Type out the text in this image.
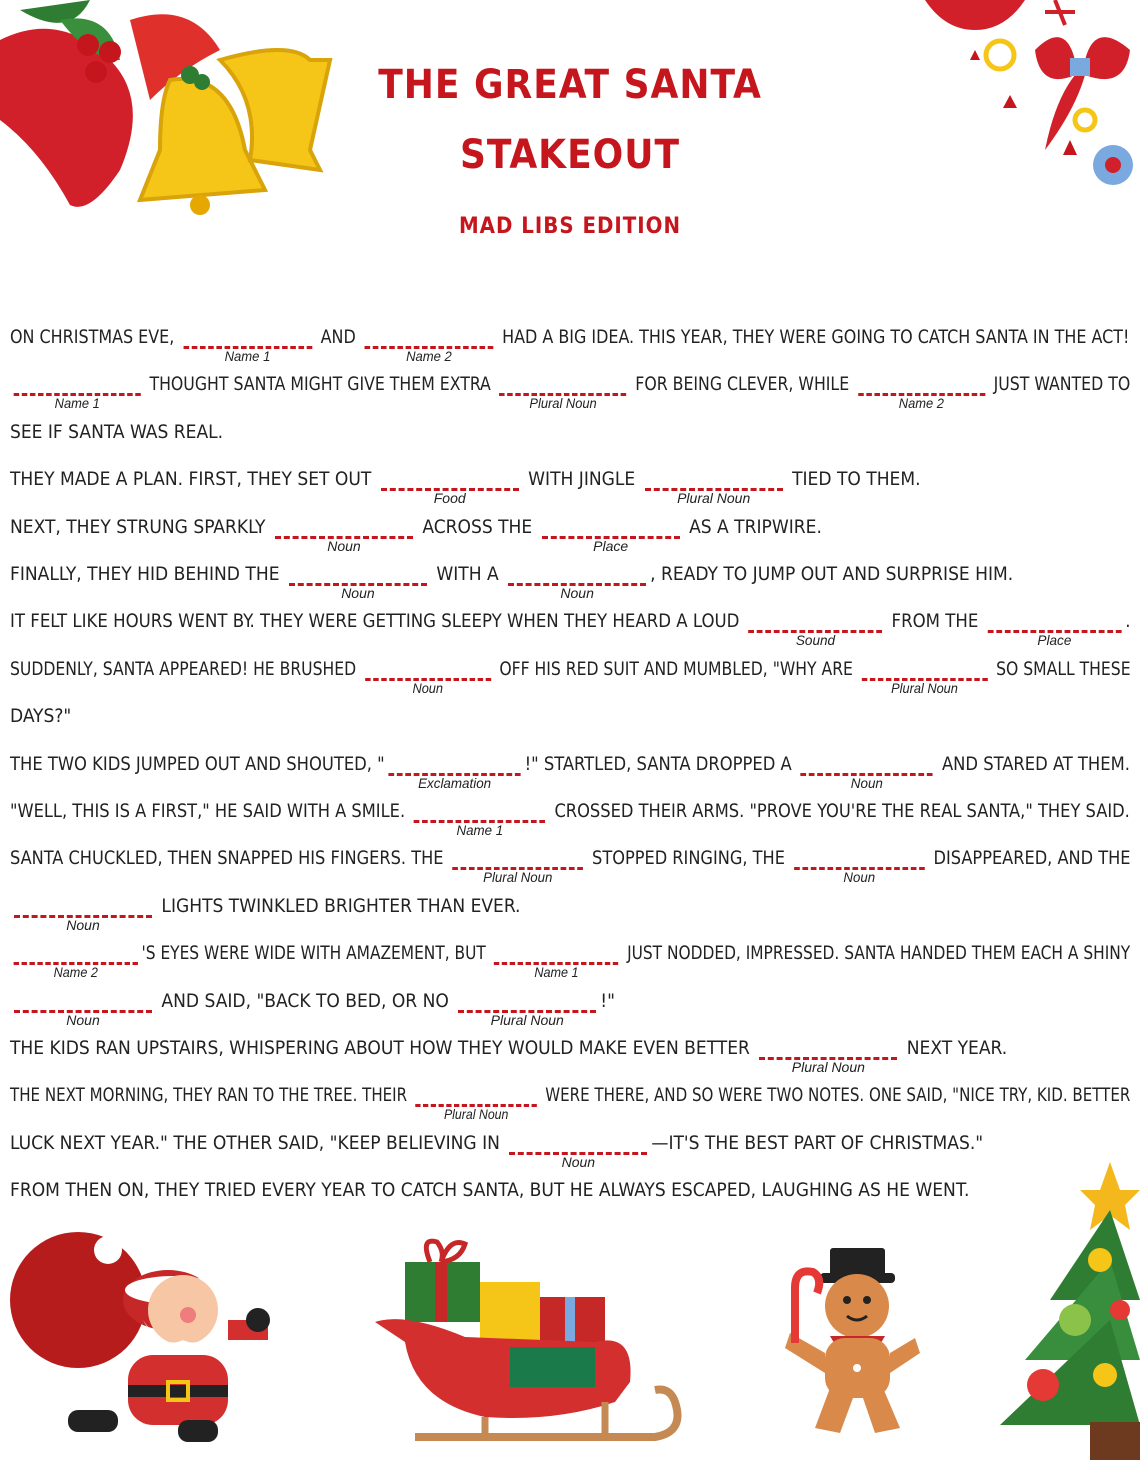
THE GREAT SANTA
STAKEOUT
MAD LIBS EDITION
ON CHRISTMAS EVE,
Name 1
AND
Name 2
HAD A BIG IDEA. THIS YEAR, THEY WERE GOING TO CATCH SANTA IN THE ACT!
Name 1
THOUGHT SANTA MIGHT GIVE THEM EXTRA
Plural Noun
FOR BEING CLEVER, WHILE
Name 2
JUST WANTED TO
SEE IF SANTA WAS REAL.
THEY MADE A PLAN. FIRST, THEY SET OUT
Food
WITH JINGLE
Plural Noun
TIED TO THEM.
NEXT, THEY STRUNG SPARKLY
Noun
ACROSS THE
Place
AS A TRIPWIRE.
FINALLY, THEY HID BEHIND THE
Noun
WITH A
Noun
, READY TO JUMP OUT AND SURPRISE HIM.
IT FELT LIKE HOURS WENT BY. THEY WERE GETTING SLEEPY WHEN THEY HEARD A LOUD
Sound
FROM THE
Place
.
SUDDENLY, SANTA APPEARED! HE BRUSHED
Noun
OFF HIS RED SUIT AND MUMBLED, "WHY ARE
Plural Noun
SO SMALL THESE
DAYS?"
THE TWO KIDS JUMPED OUT AND SHOUTED, "
Exclamation
!" STARTLED, SANTA DROPPED A
Noun
AND STARED AT THEM.
"WELL, THIS IS A FIRST," HE SAID WITH A SMILE.
Name 1
CROSSED THEIR ARMS. "PROVE YOU'RE THE REAL SANTA," THEY SAID.
SANTA CHUCKLED, THEN SNAPPED HIS FINGERS. THE
Plural Noun
STOPPED RINGING, THE
Noun
DISAPPEARED, AND THE
Noun
LIGHTS TWINKLED BRIGHTER THAN EVER.
Name 2
'S EYES WERE WIDE WITH AMAZEMENT, BUT
Name 1
JUST NODDED, IMPRESSED. SANTA HANDED THEM EACH A SHINY
Noun
AND SAID, "BACK TO BED, OR NO
Plural Noun
!"
THE KIDS RAN UPSTAIRS, WHISPERING ABOUT HOW THEY WOULD MAKE EVEN BETTER
Plural Noun
NEXT YEAR.
THE NEXT MORNING, THEY RAN TO THE TREE. THEIR
Plural Noun
WERE THERE, AND SO WERE TWO NOTES. ONE SAID, "NICE TRY, KID. BETTER
LUCK NEXT YEAR." THE OTHER SAID, "KEEP BELIEVING IN
Noun
—IT'S THE BEST PART OF CHRISTMAS."
FROM THEN ON, THEY TRIED EVERY YEAR TO CATCH SANTA, BUT HE ALWAYS ESCAPED, LAUGHING AS HE WENT.
